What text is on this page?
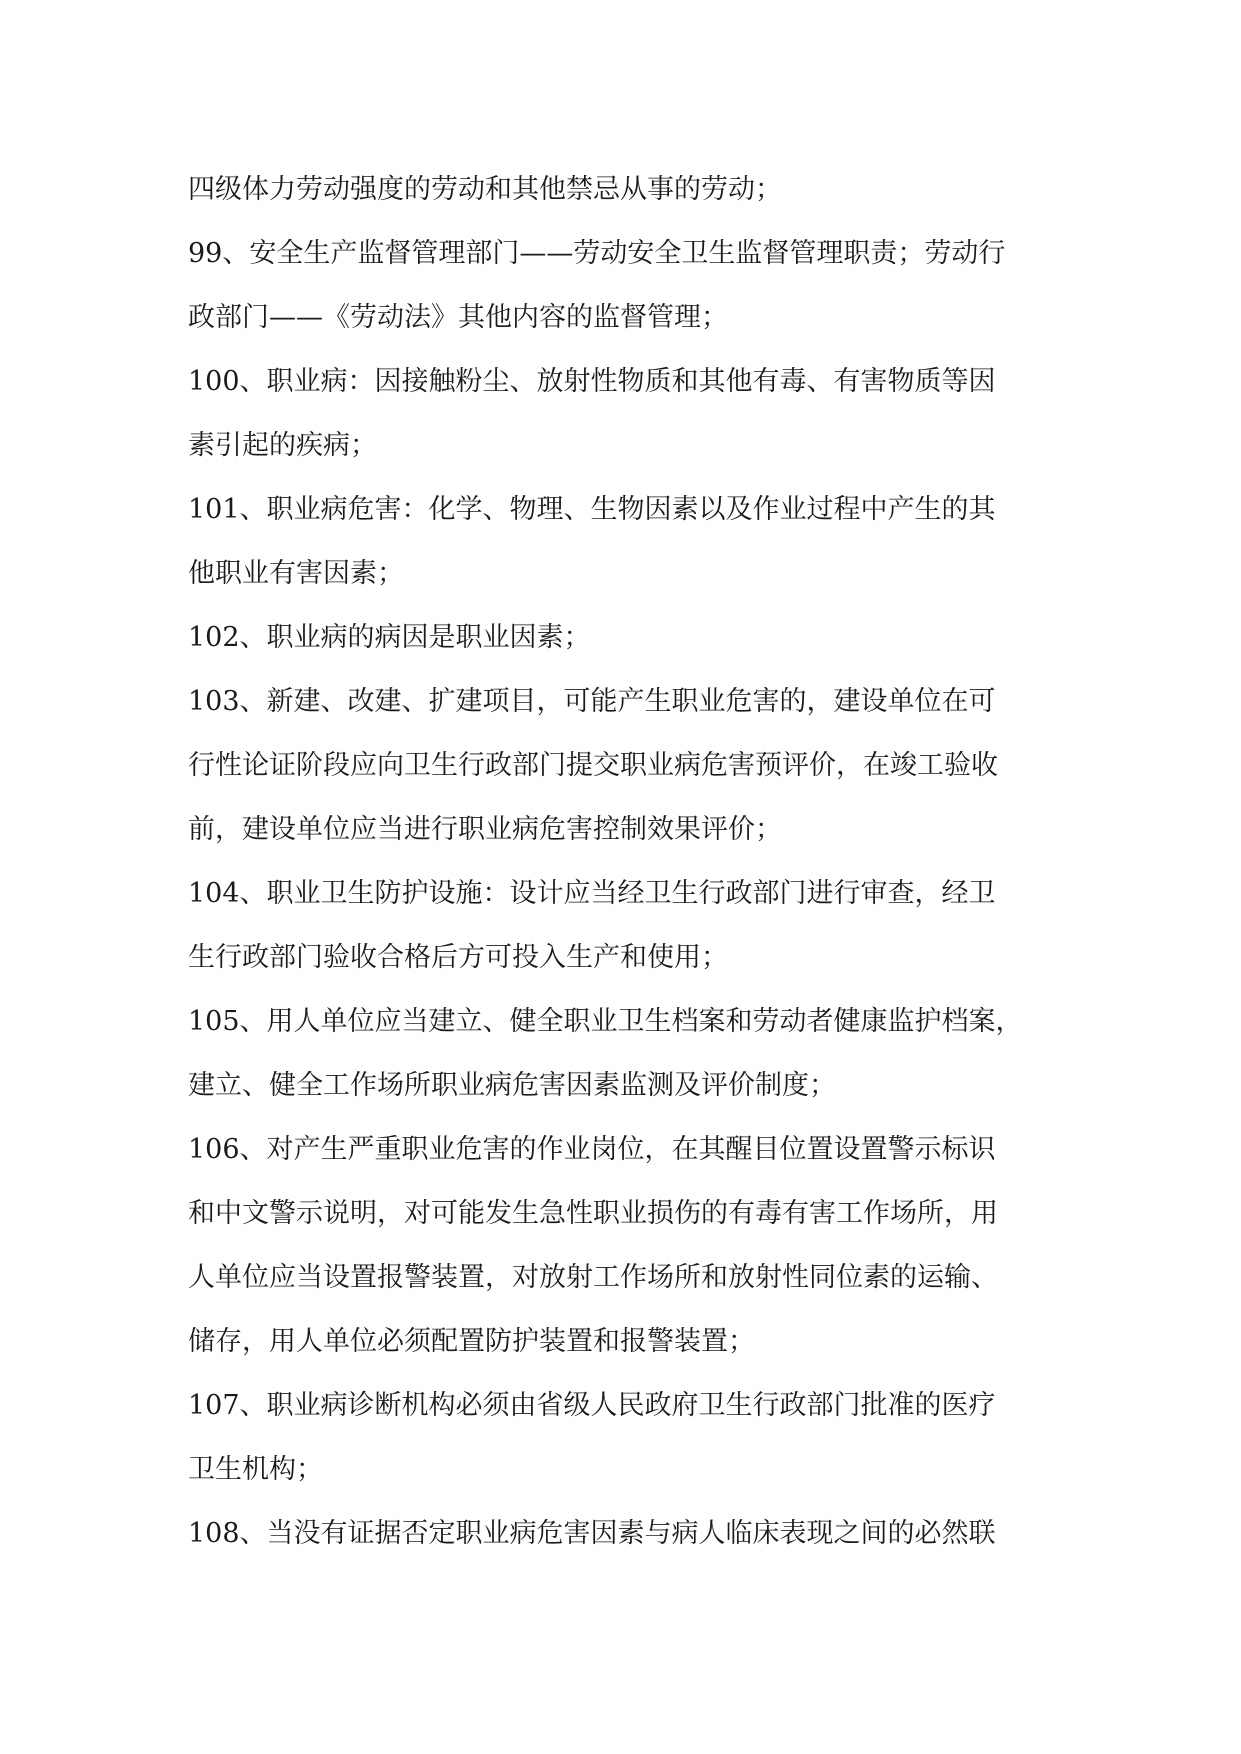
四级体力劳动强度的劳动和其他禁忌从事的劳动；
99、安全生产监督管理部门——劳动安全卫生监督管理职责；劳动行
政部门——《劳动法》其他内容的监督管理；
100、职业病：因接触粉尘、放射性物质和其他有毒、有害物质等因
素引起的疾病；
101、职业病危害：化学、物理、生物因素以及作业过程中产生的其
他职业有害因素；
102、职业病的病因是职业因素；
103、新建、改建、扩建项目，可能产生职业危害的，建设单位在可
行性论证阶段应向卫生行政部门提交职业病危害预评价，在竣工验收
前，建设单位应当进行职业病危害控制效果评价；
104、职业卫生防护设施：设计应当经卫生行政部门进行审查，经卫
生行政部门验收合格后方可投入生产和使用；
105、用人单位应当建立、健全职业卫生档案和劳动者健康监护档案，
建立、健全工作场所职业病危害因素监测及评价制度；
106、对产生严重职业危害的作业岗位，在其醒目位置设置警示标识
和中文警示说明，对可能发生急性职业损伤的有毒有害工作场所，用
人单位应当设置报警装置，对放射工作场所和放射性同位素的运输、
储存，用人单位必须配置防护装置和报警装置；
107、职业病诊断机构必须由省级人民政府卫生行政部门批准的医疗
卫生机构；
108、当没有证据否定职业病危害因素与病人临床表现之间的必然联
